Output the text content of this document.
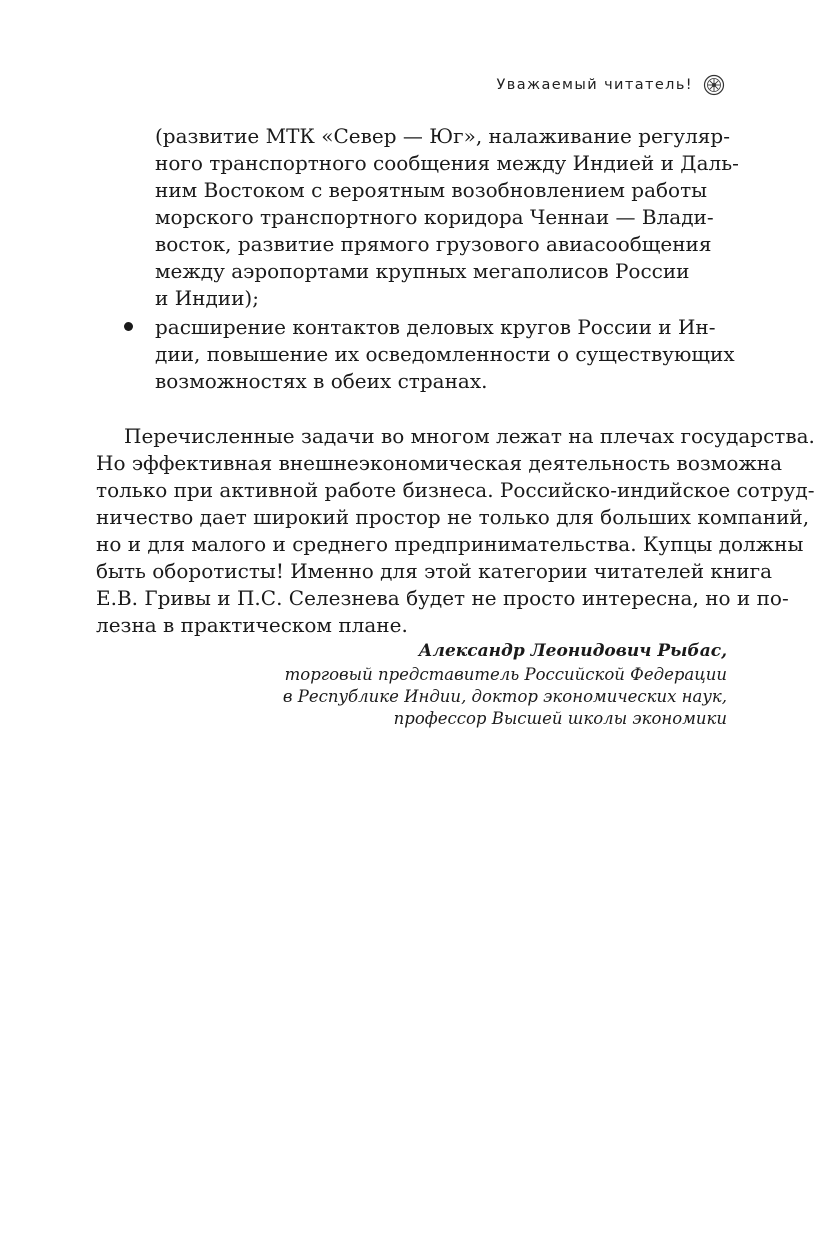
Уважаемый читатель!
(развитие МТК «Север — Юг», налаживание регуляр-
ного транспортного сообщения между Индией и Даль-
ним Востоком с вероятным возобновлением работы
морского транспортного коридора Ченнаи — Влади-
восток, развитие прямого грузового авиасообщения
между аэропортами крупных мегаполисов России
и Индии);
расширение контактов деловых кругов России и Ин-
дии, повышение их осведомленности о существующих
возможностях в обеих странах.
Перечисленные задачи во многом лежат на плечах государства.
Но эффективная внешнеэкономическая деятельность возможна
только при активной работе бизнеса. Российско-индийское сотруд-
ничество дает широкий простор не только для больших компаний,
но и для малого и среднего предпринимательства. Купцы должны
быть оборотисты! Именно для этой категории читателей книга
Е.В. Гривы и П.С. Селезнева будет не просто интересна, но и по-
лезна в практическом плане.
Александр Леонидович Рыбас,
торговый представитель Российской Федерации
в Республике Индии, доктор экономических наук,
профессор Высшей школы экономики
